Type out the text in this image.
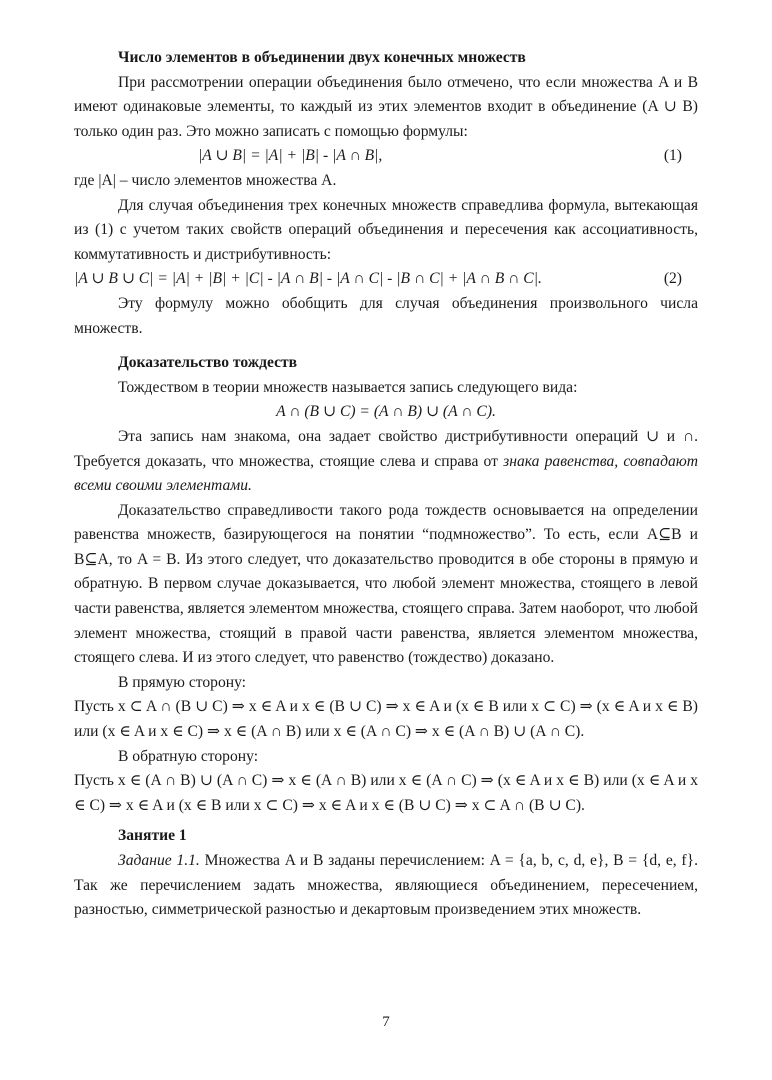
Число элементов в объединении двух конечных множеств

При рассмотрении операции объединения было отмечено, что если множества A и B имеют одинаковые элементы, то каждый из этих элементов входит в объединение (A ∪ B) только один раз. Это можно записать с помощью формулы:

|A ∪ B| = |A| + |B| - |A ∩ B|,	(1)

где |A| – число элементов множества A.

Для случая объединения трех конечных множеств справедлива формула, вытекающая из (1) с учетом таких свойств операций объединения и пересечения как ассоциативность, коммутативность и дистрибутивность:

|A ∪ B ∪ C| = |A| + |B| + |C| - |A ∩ B| - |A ∩ C| - |B ∩ C| + |A ∩ B ∩ C|.	(2)

Эту формулу можно обобщить для случая объединения произвольного числа множеств.

Доказательство тождеств

Тождеством в теории множеств называется запись следующего вида:

A ∩ (B ∪ C) = (A ∩ B) ∪ (A ∩ C).

Эта запись нам знакома, она задает свойство дистрибутивности операций ∪ и ∩. Требуется доказать, что множества, стоящие слева и справа от знака равенства, совпадают всеми своими элементами.

Доказательство справедливости такого рода тождеств основывается на определении равенства множеств, базирующегося на понятии “подмножество”. То есть, если A⊆B и B⊆A, то A = B. Из этого следует, что доказательство проводится в обе стороны в прямую и обратную. В первом случае доказывается, что любой элемент множества, стоящего в левой части равенства, является элементом множества, стоящего справа. Затем наоборот, что любой элемент множества, стоящий в правой части равенства, является элементом множества, стоящего слева. И из этого следует, что равенство (тождество) доказано.

В прямую сторону:

Пусть x ⊂ A ∩ (B ∪ C) ⇒ x ∈ A и x ∈ (B ∪ C) ⇒ x ∈ A и (x ∈ B или x ⊂ C) ⇒ (x ∈ A и x ∈ B) или (x ∈ A и x ∈ C) ⇒ x ∈ (A ∩ B) или x ∈ (A ∩ C) ⇒ x ∈ (A ∩ B) ∪ (A ∩ C).

В обратную сторону:

Пусть x ∈ (A ∩ B) ∪ (A ∩ C) ⇒ x ∈ (A ∩ B) или x ∈ (A ∩ C) ⇒ (x ∈ A и x ∈ B) или (x ∈ A и x ∈ C) ⇒ x ∈ A и (x ∈ B или x ⊂ C) ⇒ x ∈ A и x ∈ (B ∪ C) ⇒ x ⊂ A ∩ (B ∪ C).

Занятие 1

Задание 1.1. Множества A и B заданы перечислением: A = {a, b, c, d, e}, B = {d, e, f}. Так же перечислением задать множества, являющиеся объединением, пересечением, разностью, симметрической разностью и декартовым произведением этих множеств.

7
